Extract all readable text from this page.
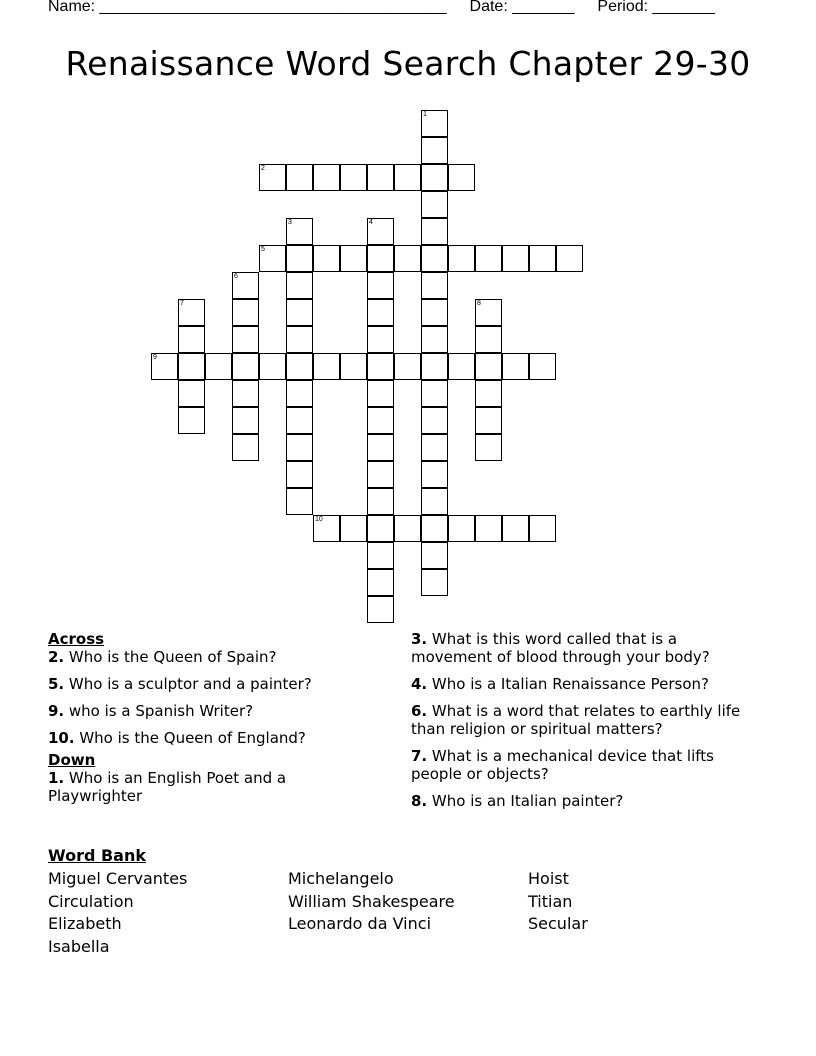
Name: _______________________________________ Date: _______ Period: _______
Renaissance Word Search Chapter 29-30
1
2
3	4
5
6
7	8
9
10
Across
2. Who is the Queen of Spain?
5. Who is a sculptor and a painter?
9. who is a Spanish Writer?
10. Who is the Queen of England?
Down
1. Who is an English Poet and a Playwrighter
3. What is this word called that is a movement of blood through your body?
4. Who is a Italian Renaissance Person?
6. What is a word that relates to earthly life than religion or spiritual matters?
7. What is a mechanical device that lifts people or objects?
8. Who is an Italian painter?
Word Bank
Miguel Cervantes
Circulation
Elizabeth
Isabella
Michelangelo
William Shakespeare
Leonardo da Vinci
Hoist
Titian
Secular
